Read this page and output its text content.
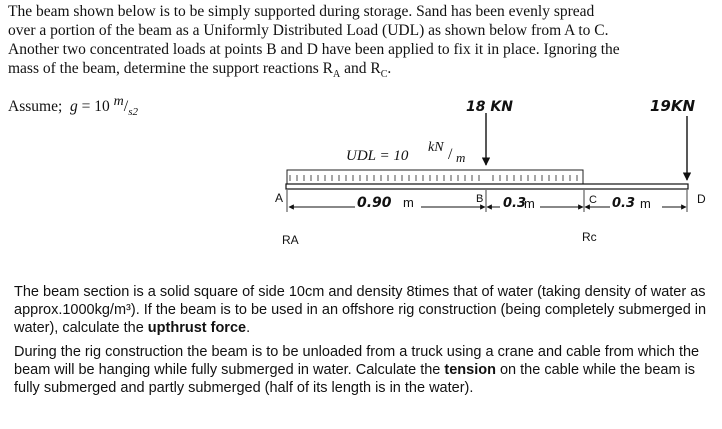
The beam shown below is to be simply supported during storage. Sand has been evenly spread

over a portion of the beam as a Uniformly Distributed Load (UDL) as shown below from A to C.

Another two concentrated loads at points B and D have been applied to fix it in place. Ignoring the

mass of the beam, determine the support reactions $R_A$ and $R_C$.

Assume; g = 10 $m/_{s2}$	18 KN	19KN
UDL = 10
kN / m
A	B	C	D
0.90 m	0.3
m	0.3 m
RA	Rc

The beam section is a solid square of side 10cm and density 8times that of water (taking density of water as approx.1000kg/m³). If the beam is to be used in an offshore rig construction (being completely submerged in water), calculate the upthrust force.

During the rig construction the beam is to be unloaded from a truck using a crane and cable from which the beam will be hanging while fully submerged in water. Calculate the tension on the cable while the beam is fully submerged and partly submerged (half of its length is in the water).
